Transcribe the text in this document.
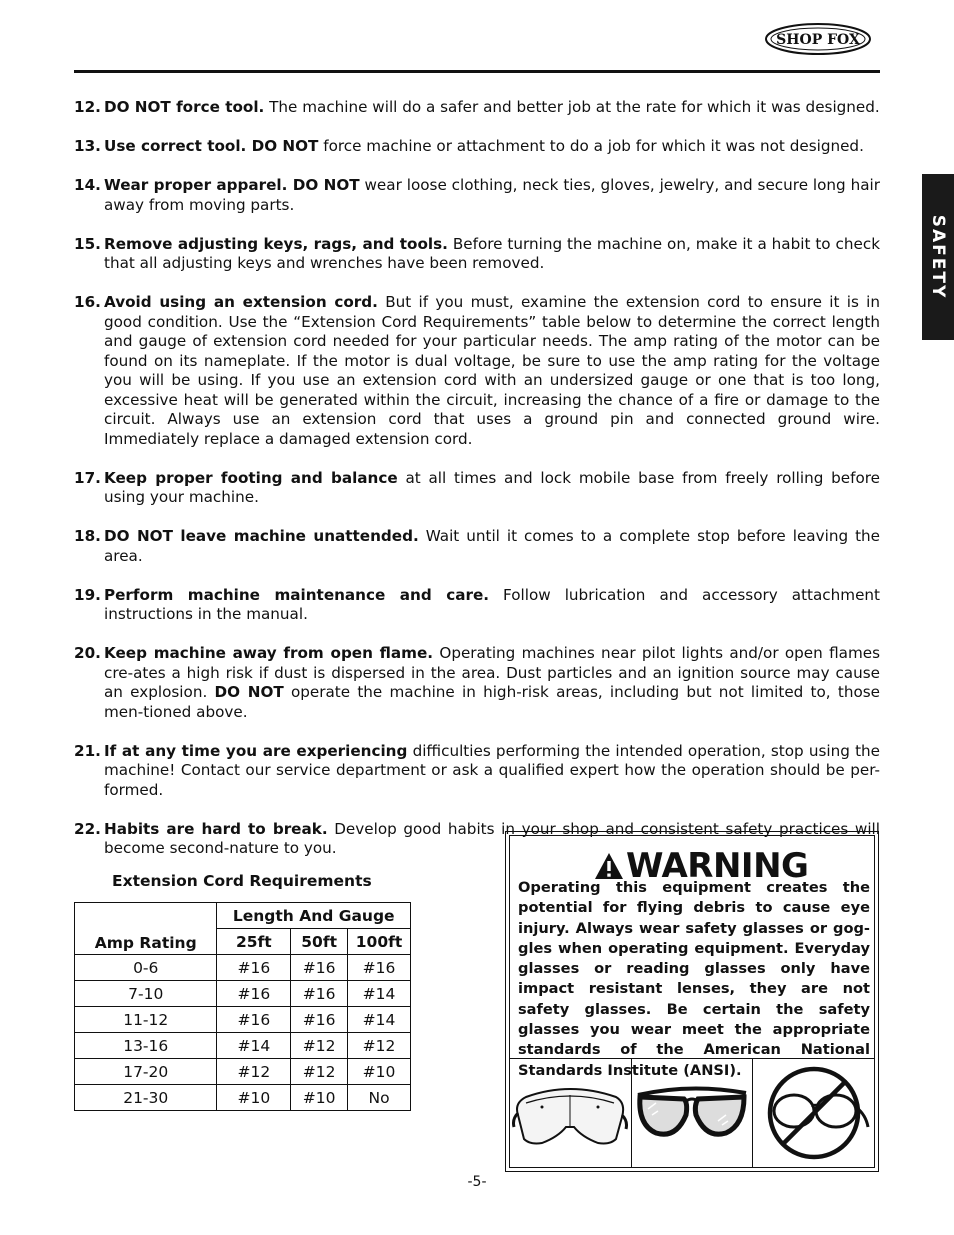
SHOP FOX
SAFETY
12. DO NOT force tool. The machine will do a safer and better job at the rate for which it was designed.
13. Use correct tool. DO NOT force machine or attachment to do a job for which it was not designed.
14. Wear proper apparel. DO NOT wear loose clothing, neck ties, gloves, jewelry, and secure long hair away from moving parts.
15. Remove adjusting keys, rags, and tools. Before turning the machine on, make it a habit to check that all adjusting keys and wrenches have been removed.
16. Avoid using an extension cord. But if you must, examine the extension cord to ensure it is in good condition. Use the “Extension Cord Requirements” table below to determine the correct length and gauge of extension cord needed for your particular needs. The amp rating of the motor can be found on its nameplate. If the motor is dual voltage, be sure to use the amp rating for the voltage you will be using. If you use an extension cord with an undersized gauge or one that is too long, excessive heat will be generated within the circuit, increasing the chance of a fire or damage to the circuit. Always use an extension cord that uses a ground pin and connected ground wire. Immediately replace a damaged extension cord.
17. Keep proper footing and balance at all times and lock mobile base from freely rolling before using your machine.
18. DO NOT leave machine unattended. Wait until it comes to a complete stop before leaving the area.
19. Perform machine maintenance and care. Follow lubrication and accessory attachment instructions in the manual.
20. Keep machine away from open flame. Operating machines near pilot lights and/or open flames cre-ates a high risk if dust is dispersed in the area. Dust particles and an ignition source may cause an explosion. DO NOT operate the machine in high-risk areas, including but not limited to, those men-tioned above.
21. If at any time you are experiencing difficulties performing the intended operation, stop using the machine! Contact our service department or ask a qualified expert how the operation should be per-formed.
22. Habits are hard to break. Develop good habits in your shop and consistent safety practices will become second-nature to you.
Extension Cord Requirements
Amp Rating	Length And Gauge		
	25ft	50ft	100ft
0-6	#16	#16	#16
7-10	#16	#16	#14
11-12	#16	#16	#14
13-16	#14	#12	#12
17-20	#12	#12	#10
21-30	#10	#10	No
WARNING
Operating this equipment creates the potential for flying debris to cause eye injury. Always wear safety glasses or gog-gles when operating equipment. Everyday glasses or reading glasses only have impact resistant lenses, they are not safety glasses. Be certain the safety glasses you wear meet the appropriate standards of the American National Standards Institute (ANSI).
-5-
